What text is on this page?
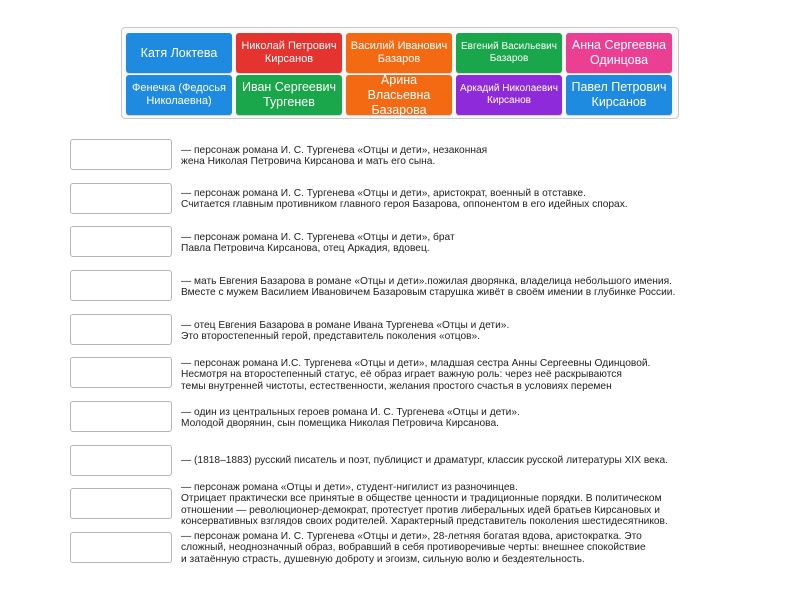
Катя Локтева	Николай Петрович Кирсанов
Василий Иванович Базаров
Евгений Васильевич Базаров
Анна Сергеевна Одинцова
Фенечка (Федосья Николаевна)
Иван Сергеевич Тургенев
Арина Власьевна Базарова
Аркадий Николаевич Кирсанов
Павел Петрович Кирсанов
— персонаж романа И. С. Тургенева «Отцы и дети», незаконная
жена Николая Петровича Кирсанова и мать его сына.
— персонаж романа И. С. Тургенева «Отцы и дети», аристократ, военный в отставке.
Считается главным противником главного героя Базарова, оппонентом в его идейных спорах.
— персонаж романа И. С. Тургенева «Отцы и дети», брат
Павла Петровича Кирсанова, отец Аркадия, вдовец.
— мать Евгения Базарова в романе «Отцы и дети».пожилая дворянка, владелица небольшого имения.
Вместе с мужем Василием Ивановичем Базаровым старушка живёт в своём имении в глубинке России.
— отец Евгения Базарова в романе Ивана Тургенева «Отцы и дети».
Это второстепенный герой, представитель поколения «отцов».
— персонаж романа И.С. Тургенева «Отцы и дети», младшая сестра Анны Сергеевны Одинцовой.
Несмотря на второстепенный статус, её образ играет важную роль: через неё раскрываются
темы внутренней чистоты, естественности, желания простого счастья в условиях перемен
— один из центральных героев романа И. С. Тургенева «Отцы и дети».
Молодой дворянин, сын помещика Николая Петровича Кирсанова.
— (1818–1883) русский писатель и поэт, публицист и драматург, классик русской литературы XIX века.
— персонаж романа «Отцы и дети», студент-нигилист из разночинцев.
Отрицает практически все принятые в обществе ценности и традиционные порядки. В политическом
отношении — революционер-демократ, протестует против либеральных идей братьев Кирсановых и
консервативных взглядов своих родителей. Характерный представитель поколения шестидесятников.
— персонаж романа И. С. Тургенева «Отцы и дети», 28-летняя богатая вдова, аристократка. Это
сложный, неоднозначный образ, вобравший в себя противоречивые черты: внешнее спокойствие
и затаённую страсть, душевную доброту и эгоизм, сильную волю и бездеятельность.
